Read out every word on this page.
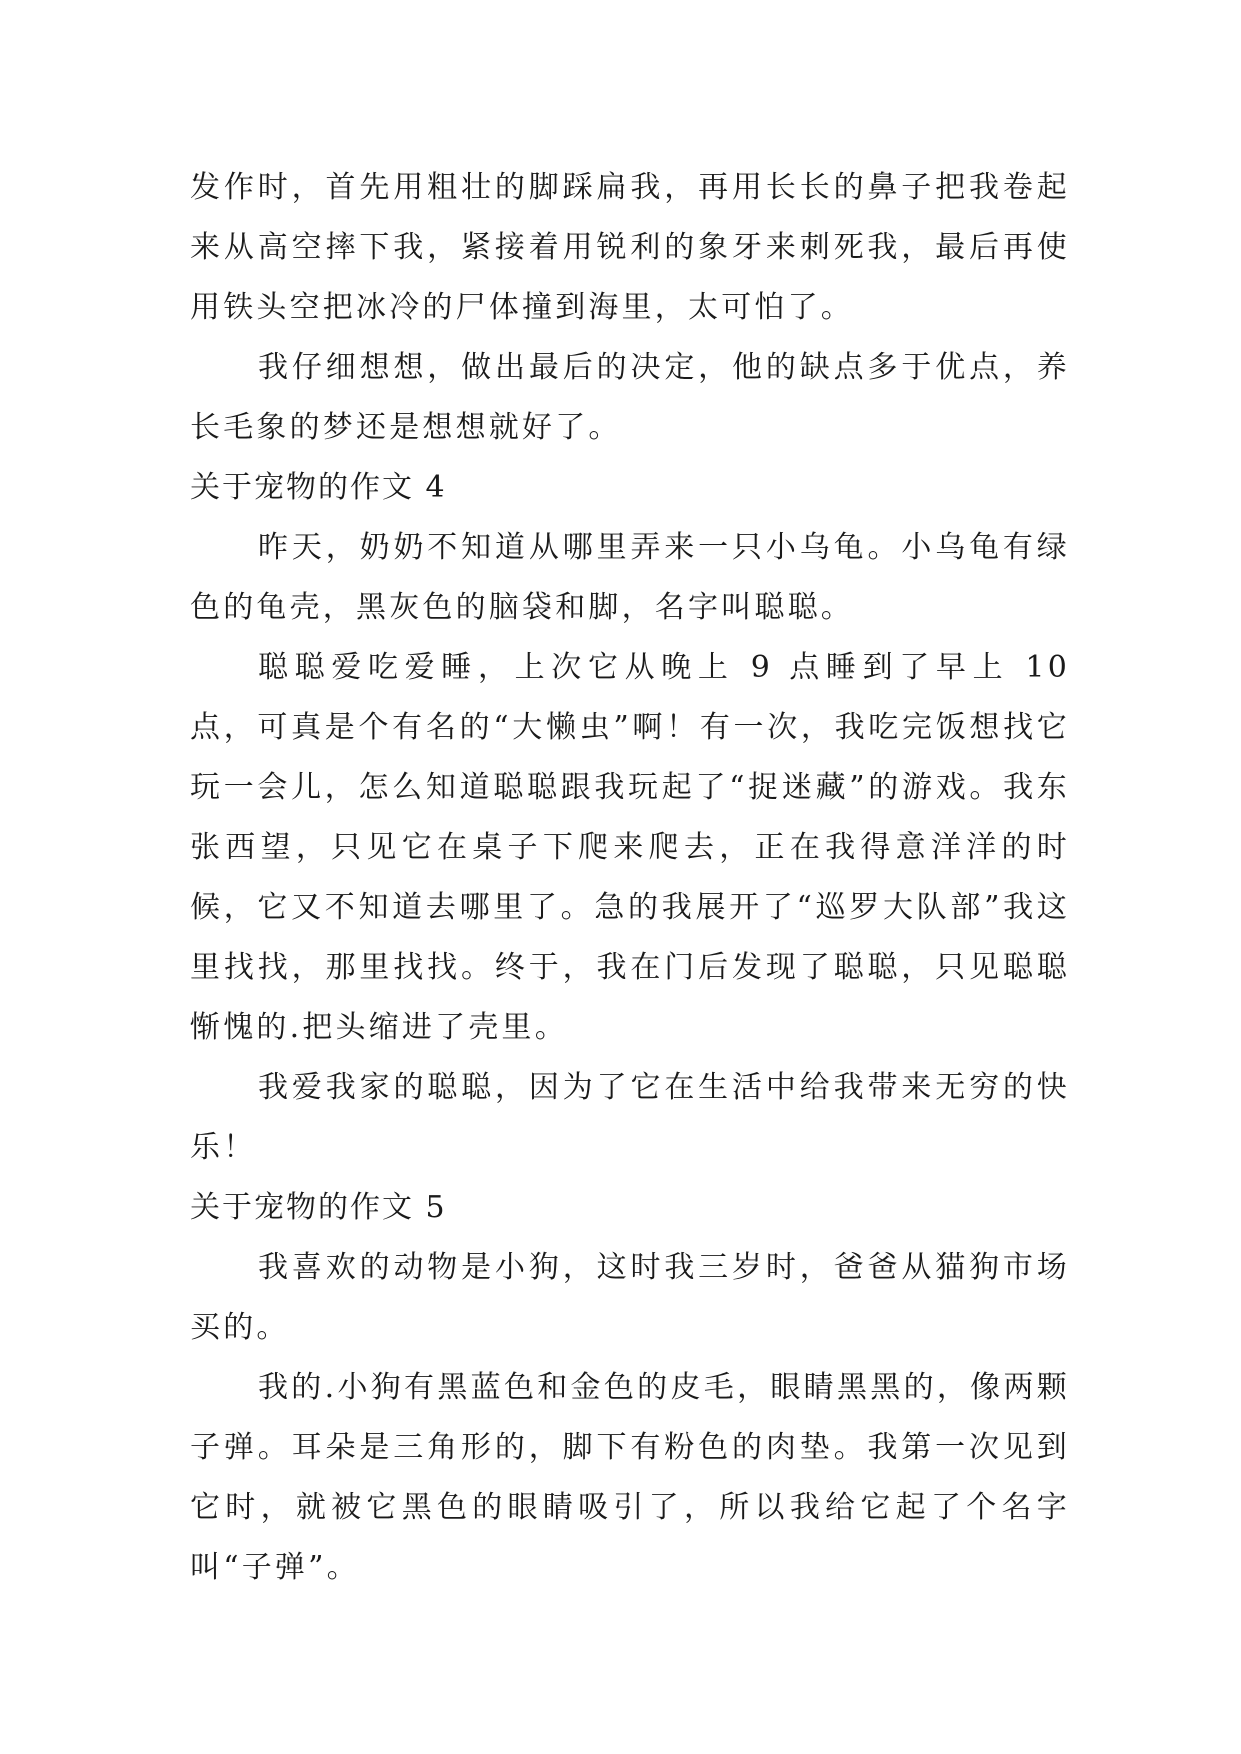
发作时，首先用粗壮的脚踩扁我，再用长长的鼻子把我卷起来从高空摔下我，紧接着用锐利的象牙来刺死我，最后再使用铁头空把冰冷的尸体撞到海里，太可怕了。

我仔细想想，做出最后的决定，他的缺点多于优点，养长毛象的梦还是想想就好了。

关于宠物的作文 4

昨天，奶奶不知道从哪里弄来一只小乌龟。小乌龟有绿色的龟壳，黑灰色的脑袋和脚，名字叫聪聪。

聪聪爱吃爱睡，上次它从晚上 9 点睡到了早上 10 点，可真是个有名的“大懒虫”啊！有一次，我吃完饭想找它玩一会儿，怎么知道聪聪跟我玩起了“捉迷藏”的游戏。我东张西望，只见它在桌子下爬来爬去，正在我得意洋洋的时候，它又不知道去哪里了。急的我展开了“巡罗大队部”我这里找找，那里找找。终于，我在门后发现了聪聪，只见聪聪惭愧的.把头缩进了壳里。

我爱我家的聪聪，因为了它在生活中给我带来无穷的快乐！

关于宠物的作文 5

我喜欢的动物是小狗，这时我三岁时，爸爸从猫狗市场买的。

我的.小狗有黑蓝色和金色的皮毛，眼睛黑黑的，像两颗子弹。耳朵是三角形的，脚下有粉色的肉垫。我第一次见到它时，就被它黑色的眼睛吸引了，所以我给它起了个名字叫“子弹”。
